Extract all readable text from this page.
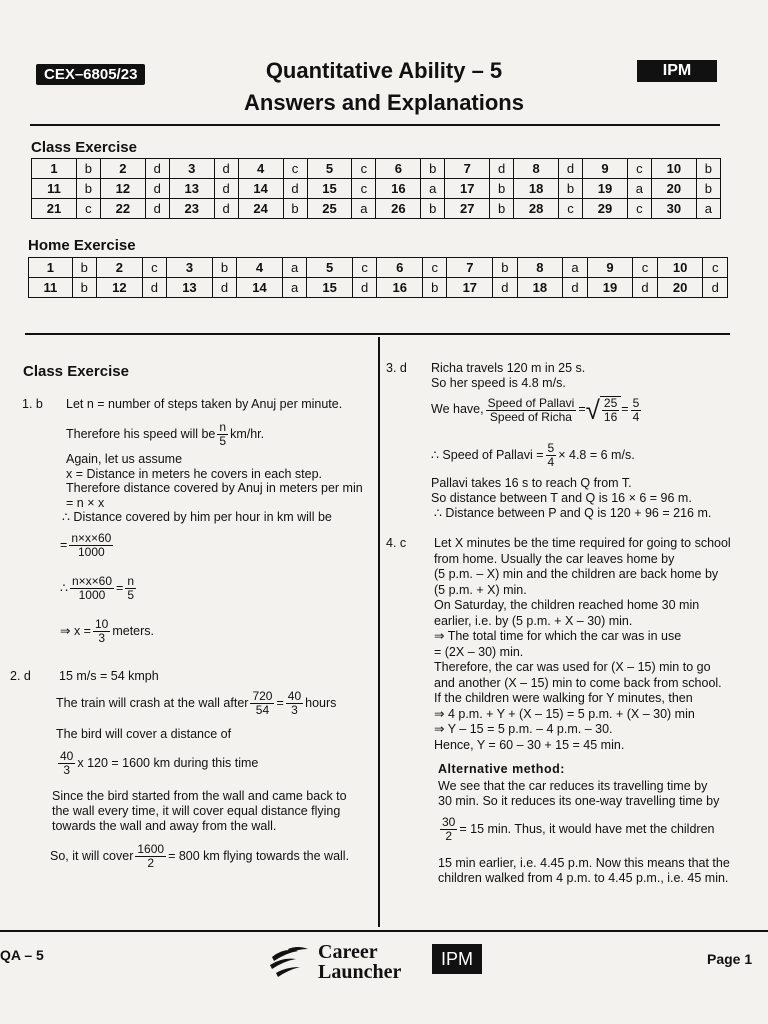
CEX–6805/23	Quantitative Ability – 5
Answers and Explanations
IPM
Class Exercise
1	b	2	d	3	d	4	c	5	c	6	b	7	d	8	d	9	c	10	b
11	b	12	d	13	d	14	d	15	c	16	a	17	b	18	b	19	a	20	b
21	c	22	d	23	d	24	b	25	a	26	b	27	b	28	c	29	c	30	a
Home Exercise
1	b	2	c	3	b	4	a	5	c	6	c	7	b	8	a	9	c	10	c
11	b	12	d	13	d	14	a	15	d	16	b	17	d	18	d	19	d	20	d
Class Exercise
1. b Let n = number of steps taken by Anuj per minute.
Therefore his speed will be $\frac{n}{5} km/hr$.
Again, let us assume
x = Distance in meters he covers in each step.
Therefore distance covered by Anuj in meters per min
= n × x
∴ Distance covered by him per hour in km will be
= $\frac{n\times x\times 60}{1000}$
∴ $\frac{n\times x\times 60}{1000} = \frac{n}{5}$
⇒ $x = \frac{10}{3}$ meters.
2. d 15 m/s = 54 kmph
The train will crash at the wall after $\frac{720}{54} = \frac{40}{3}$ hours
The bird will cover a distance of
$\frac{40}{3}$ x 120 = 1600 km during this time
Since the bird started from the wall and came back to
the wall every time, it will cover equal distance flying
towards the wall and away from the wall.
So, it will cover $\frac{1600}{2} = 800$ km flying towards the wall.
3. d Richa travels 120 m in 25 s.
So her speed is 4.8 m/s.
We have, $\frac{\text{Speed of Pallavi}}{\text{Speed of Richa}}$ = √ $\frac{25}{16} = \frac{5}{4}$
∴ Speed of Pallavi = $\frac{5}{4} \times 4.8 = 6$ m/s.
Pallavi takes 16 s to reach Q from T.
So distance between T and Q is 16 × 6 = 96 m.
∴ Distance between P and Q is 120 + 96 = 216 m.
4. c Let X minutes be the time required for going to school
from home. Usually the car leaves home by
(5 p.m. – X) min and the children are back home by
(5 p.m. + X) min.
On Saturday, the children reached home 30 min
earlier, i.e. by (5 p.m. + X – 30) min.
⇒ The total time for which the car was in use
= (2X – 30) min.
Therefore, the car was used for (X – 15) min to go
and another (X – 15) min to come back from school.
If the children were walking for Y minutes, then
⇒ 4 p.m. + Y + (X – 15) = 5 p.m. + (X – 30) min
⇒ Y – 15 = 5 p.m. – 4 p.m. – 30.
Hence, Y = 60 – 30 + 15 = 45 min.
Alternative method:
We see that the car reduces its travelling time by
30 min. So it reduces its one-way travelling time by
$\frac{30}{2} = 15$ min. Thus, it would have met the children
15 min earlier, i.e. 4.45 p.m. Now this means that the
children walked from 4 p.m. to 4.45 p.m., i.e. 45 min.
QA – 5	Career
Launcher
IPM	Page 1
